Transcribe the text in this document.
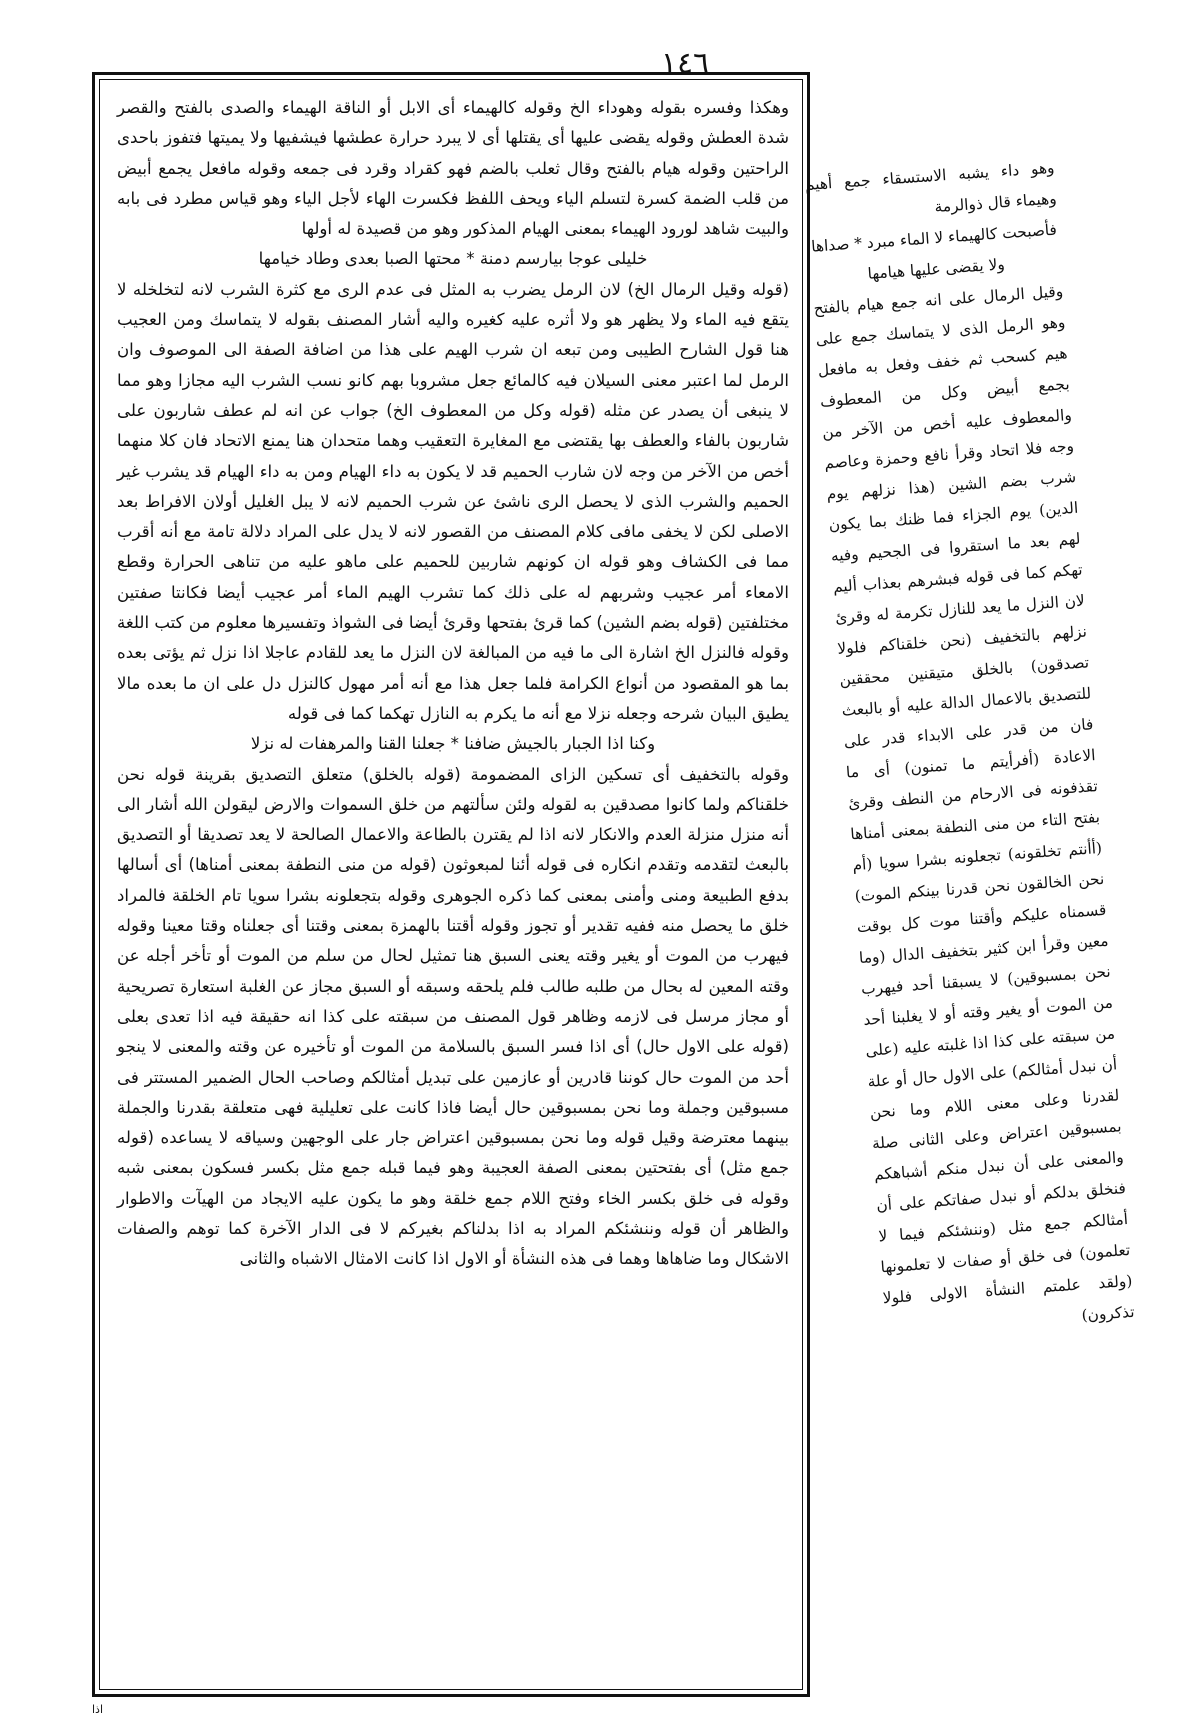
١٤٦

وهكذا وفسره بقوله وهوداء الخ وقوله كالهيماء أى الابل أو الناقة الهيماء والصدى بالفتح والقصر شدة العطش وقوله يقضى عليها أى يقتلها أى لا يبرد حرارة عطشها فيشفيها ولا يميتها فتفوز باحدى الراحتين وقوله هيام بالفتح وقال ثعلب بالضم فهو كقراد وقرد فى جمعه وقوله مافعل يجمع أبيض من قلب الضمة كسرة لتسلم الياء ويحف اللفظ فكسرت الهاء لأجل الياء وهو قياس مطرد فى بابه والبيت شاهد لورود الهيماء بمعنى الهيام المذكور وهو من قصيدة له أولها

خليلى عوجا بيارسم دمنة * محتها الصبا بعدى وطاد خيامها

(قوله وقيل الرمال الخ) لان الرمل يضرب به المثل فى عدم الرى مع كثرة الشرب لانه لتخلخله لا يتقع فيه الماء ولا يظهر هو ولا أثره عليه كغيره واليه أشار المصنف بقوله لا يتماسك ومن العجيب هنا قول الشارح الطيبى ومن تبعه ان شرب الهيم على هذا من اضافة الصفة الى الموصوف وان الرمل لما اعتبر معنى السيلان فيه كالمائع جعل مشروبا بهم كانو نسب الشرب اليه مجازا وهو مما لا ينبغى أن يصدر عن مثله (قوله وكل من المعطوف الخ) جواب عن انه لم عطف شاربون على شاربون بالفاء والعطف بها يقتضى مع المغايرة التعقيب وهما متحدان هنا يمنع الاتحاد فان كلا منهما أخص من الآخر من وجه لان شارب الحميم قد لا يكون به داء الهيام ومن به داء الهيام قد يشرب غير الحميم والشرب الذى لا يحصل الرى ناشئ عن شرب الحميم لانه لا يبل الغليل أولان الافراط بعد الاصلى لكن لا يخفى مافى كلام المصنف من القصور لانه لا يدل على المراد دلالة تامة مع أنه أقرب مما فى الكشاف وهو قوله ان كونهم شاربين للحميم على ماهو عليه من تناهى الحرارة وقطع الامعاء أمر عجيب وشربهم له على ذلك كما تشرب الهيم الماء أمر عجيب أيضا فكانتا صفتين مختلفتين (قوله بضم الشين) كما قرئ بفتحها وقرئ أيضا فى الشواذ وتفسيرها معلوم من كتب اللغة وقوله فالنزل الخ اشارة الى ما فيه من المبالغة لان النزل ما يعد للقادم عاجلا اذا نزل ثم يؤتى بعده بما هو المقصود من أنواع الكرامة فلما جعل هذا مع أنه أمر مهول كالنزل دل على ان ما بعده مالا يطيق البيان شرحه وجعله نزلا مع أنه ما يكرم به النازل تهكما كما فى قوله

وكنا اذا الجبار بالجيش ضافنا * جعلنا القنا والمرهفات له نزلا

وقوله بالتخفيف أى تسكين الزاى المضمومة (قوله بالخلق) متعلق التصديق بقرينة قوله نحن خلقناكم ولما كانوا مصدقين به لقوله ولئن سألتهم من خلق السموات والارض ليقولن الله أشار الى أنه منزل منزلة العدم والانكار لانه اذا لم يقترن بالطاعة والاعمال الصالحة لا يعد تصديقا أو التصديق بالبعث لتقدمه وتقدم انكاره فى قوله أئنا لمبعوثون (قوله من منى النطفة بمعنى أمناها) أى أسالها بدفع الطبيعة ومنى وأمنى بمعنى كما ذكره الجوهرى وقوله بتجعلونه بشرا سويا تام الخلقة فالمراد خلق ما يحصل منه ففيه تقدير أو تجوز وقوله أقتنا بالهمزة بمعنى وقتنا أى جعلناه وقتا معينا وقوله فيهرب من الموت أو يغير وقته يعنى السبق هنا تمثيل لحال من سلم من الموت أو تأخر أجله عن وقته المعين له بحال من طلبه طالب فلم يلحقه وسبقه أو السبق مجاز عن الغلبة استعارة تصريحية أو مجاز مرسل فى لازمه وظاهر قول المصنف من سبقته على كذا انه حقيقة فيه اذا تعدى بعلى (قوله على الاول حال) أى اذا فسر السبق بالسلامة من الموت أو تأخيره عن وقته والمعنى لا ينجو أحد من الموت حال كوننا قادرين أو عازمين على تبديل أمثالكم وصاحب الحال الضمير المستتر فى مسبوقين وجملة وما نحن بمسبوقين حال أيضا فاذا كانت على تعليلية فهى متعلقة بقدرنا والجملة بينهما معترضة وقيل قوله وما نحن بمسبوقين اعتراض جار على الوجهين وسياقه لا يساعده (قوله جمع مثل) أى بفتحتين بمعنى الصفة العجيبة وهو فيما قبله جمع مثل بكسر فسكون بمعنى شبه وقوله فى خلق بكسر الخاء وفتح اللام جمع خلقة وهو ما يكون عليه الايجاد من الهيآت والاطوار والظاهر أن قوله وننشئكم المراد به اذا بدلناكم بغيركم لا فى الدار الآخرة كما توهم والصفات الاشكال وما ضاهاها وهما فى هذه النشأة أو الاول اذا كانت الامثال الاشباه والثانى

اذا

وهو داء يشبه الاستسقاء جمع أهيم وهيماء قال ذوالرمة

فأصبحت كالهيماء لا الماء مبرد * صداها ولا يقضى عليها هيامها

وقيل الرمال على انه جمع هيام بالفتح وهو الرمل الذى لا يتماسك جمع على هيم كسحب ثم خفف وفعل به مافعل بجمع أبيض وكل من المعطوف والمعطوف عليه أخص من الآخر من وجه فلا اتحاد وقرأ نافع وحمزة وعاصم شرب بضم الشين (هذا نزلهم يوم الدين) يوم الجزاء فما ظنك بما يكون لهم بعد ما استقروا فى الجحيم وفيه تهكم كما فى قوله فبشرهم بعذاب أليم لان النزل ما يعد للنازل تكرمة له وقرئ نزلهم بالتخفيف (نحن خلقناكم فلولا تصدقون) بالخلق متيقنين محققين للتصديق بالاعمال الدالة عليه أو بالبعث فان من قدر على الابداء قدر على الاعادة (أفرأيتم ما تمنون) أى ما تقذفونه فى الارحام من النطف وقرئ بفتح التاء من منى النطفة بمعنى أمناها (أأنتم تخلقونه) تجعلونه بشرا سويا (أم نحن الخالقون نحن قدرنا بينكم الموت) قسمناه عليكم وأقتنا موت كل بوقت معين وقرأ ابن كثير بتخفيف الدال (وما نحن بمسبوقين) لا يسبقنا أحد فيهرب من الموت أو يغير وقته أو لا يغلبنا أحد من سبقته على كذا اذا غلبته عليه (على أن نبدل أمثالكم) على الاول حال أو علة لقدرنا وعلى معنى اللام وما نحن بمسبوقين اعتراض وعلى الثانى صلة والمعنى على أن نبدل منكم أشباهكم فنخلق بدلكم أو نبدل صفاتكم على أن أمثالكم جمع مثل (وننشئكم فيما لا تعلمون) فى خلق أو صفات لا تعلمونها (ولقد علمتم النشأة الاولى فلولا تذكرون)
